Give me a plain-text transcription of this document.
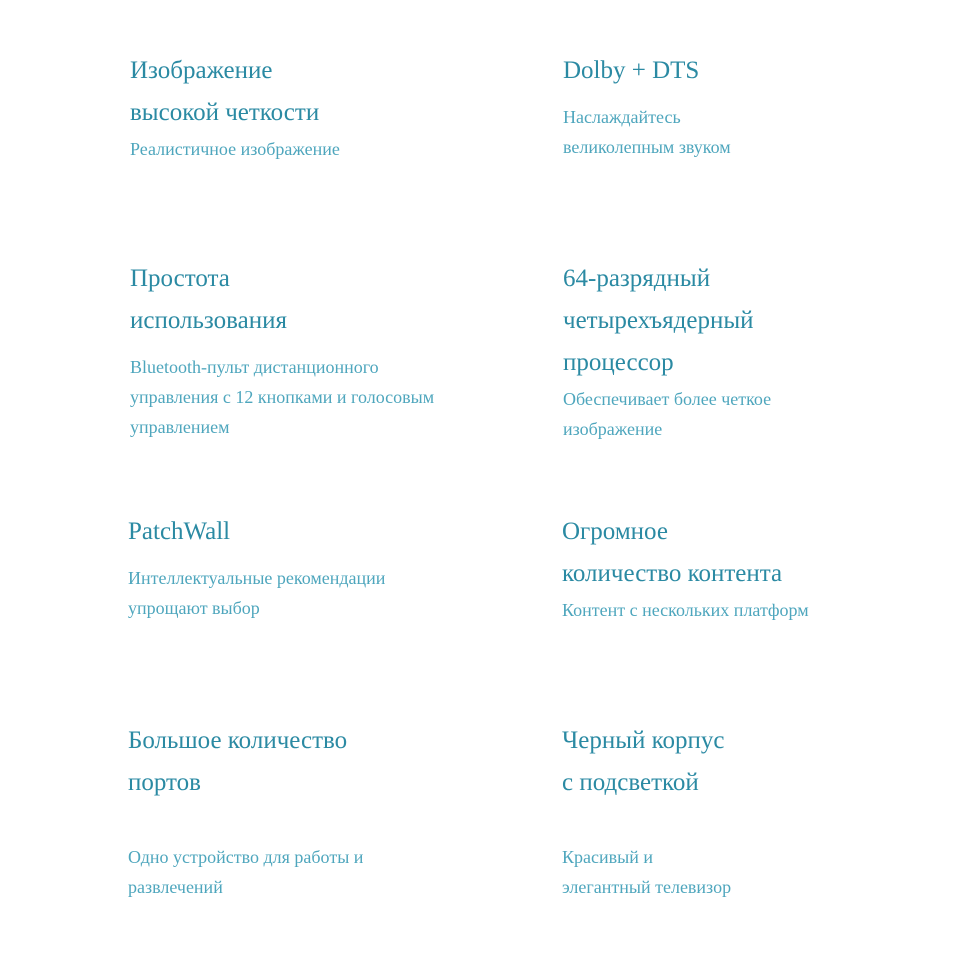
Изображение
высокой четкости

Реалистичное изображение

Dolby + DTS

Наслаждайтесь
великолепным звуком

Простота
использования

Bluetooth-пульт дистанционного
управления с 12 кнопками и голосовым
управлением

64-разрядный
четырехъядерный
процессор

Обеспечивает более четкое
изображение

PatchWall

Интеллектуальные рекомендации
упрощают выбор

Огромное
количество контента

Контент с нескольких платформ

Большое количество
портов

Одно устройство для работы и
развлечений

Черный корпус
с подсветкой

Красивый и
элегантный телевизор
